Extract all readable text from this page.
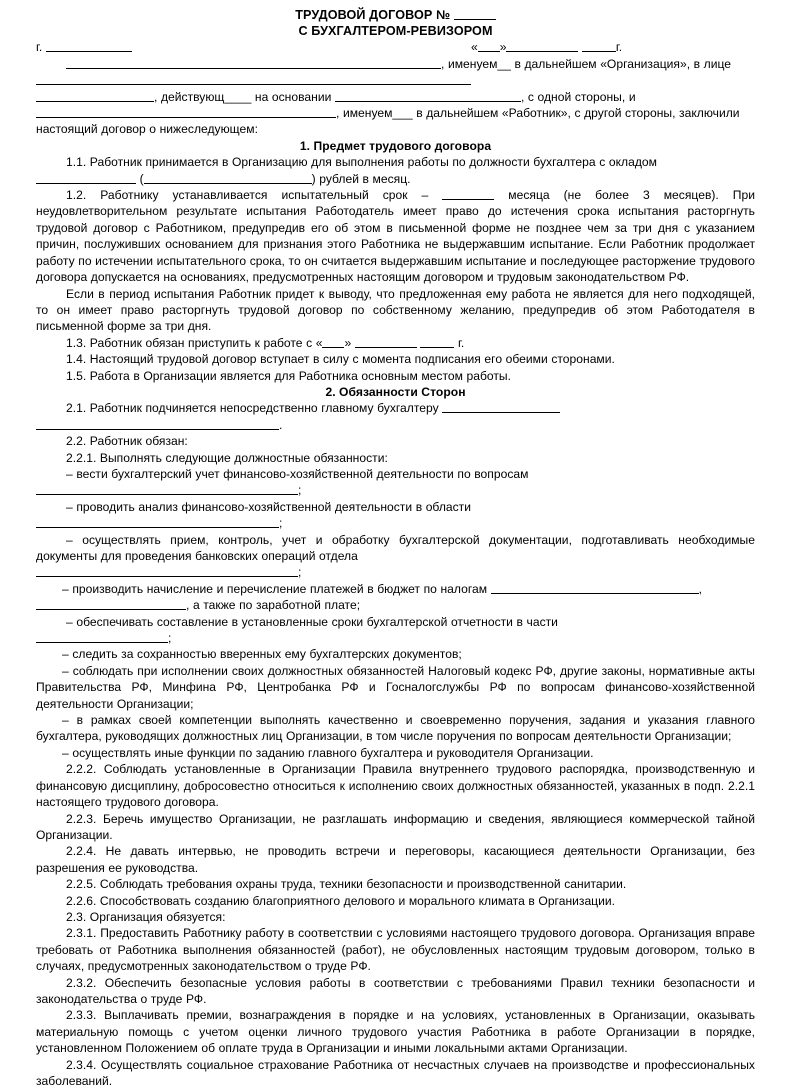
ТРУДОВОЙ ДОГОВОР №
С БУХГАЛТЕРОМ-РЕВИЗОРОМ
г.	« »	г.

, именуем__ в дальнейшем «Организация», в лице

, действующ____ на основании	, с одной стороны, и

, именуем___ в дальнейшем «Работник», с другой стороны, заключили

настоящий договор о нижеследующем:

1. Предмет трудового договора

1.1. Работник принимается в Организацию для выполнения работы по должности бухгалтера с окладом

(	) рублей в месяц.

1.2. Работнику устанавливается испытательный срок –	месяца (не более 3 месяцев). При неудовлетворительном результате испытания Работодатель имеет право до истечения срока испытания расторгнуть трудовой договор с Работником, предупредив его об этом в письменной форме не позднее чем за три дня с указанием причин, послуживших основанием для признания этого Работника не выдержавшим испытание. Если Работник продолжает работу по истечении испытательного срока, то он считается выдержавшим испытание и последующее расторжение трудового договора допускается на основаниях, предусмотренных настоящим договором и трудовым законодательством РФ.

Если в период испытания Работник придет к выводу, что предложенная ему работа не является для него подходящей, то он имеет право расторгнуть трудовой договор по собственному желанию, предупредив об этом Работодателя в письменной форме за три дня.

1.3. Работник обязан приступить к работе с « »	г.

1.4. Настоящий трудовой договор вступает в силу с момента подписания его обеими сторонами.

1.5. Работа в Организации является для Работника основным местом работы.

2. Обязанности Сторон

2.1. Работник подчиняется непосредственно главному бухгалтеру

.

2.2. Работник обязан:

2.2.1. Выполнять следующие должностные обязанности:

– вести бухгалтерский учет финансово-хозяйственной деятельности по вопросам

;

– проводить анализ финансово-хозяйственной деятельности в области

;

– осуществлять прием, контроль, учет и обработку бухгалтерской документации, подготавливать необходимые документы для проведения банковских операций отдела

;

– производить начисление и перечисление платежей в бюджет по налогам	,

, а также по заработной плате;

– обеспечивать составление в установленные сроки бухгалтерской отчетности в части

;

– следить за сохранностью вверенных ему бухгалтерских документов;

– соблюдать при исполнении своих должностных обязанностей Налоговый кодекс РФ, другие законы, нормативные акты Правительства РФ, Минфина РФ, Центробанка РФ и Госналогслужбы РФ по вопросам финансово-хозяйственной деятельности Организации;

– в рамках своей компетенции выполнять качественно и своевременно поручения, задания и указания главного бухгалтера, руководящих должностных лиц Организации, в том числе поручения по вопросам деятельности Организации;

– осуществлять иные функции по заданию главного бухгалтера и руководителя Организации.

2.2.2. Соблюдать установленные в Организации Правила внутреннего трудового распорядка, производственную и финансовую дисциплину, добросовестно относиться к исполнению своих должностных обязанностей, указанных в подп. 2.2.1 настоящего трудового договора.

2.2.3. Беречь имущество Организации, не разглашать информацию и сведения, являющиеся коммерческой тайной Организации.

2.2.4. Не давать интервью, не проводить встречи и переговоры, касающиеся деятельности Организации, без разрешения ее руководства.

2.2.5. Соблюдать требования охраны труда, техники безопасности и производственной санитарии.

2.2.6. Способствовать созданию благоприятного делового и морального климата в Организации.

2.3. Организация обязуется:

2.3.1. Предоставить Работнику работу в соответствии с условиями настоящего трудового договора. Организация вправе требовать от Работника выполнения обязанностей (работ), не обусловленных настоящим трудовым договором, только в случаях, предусмотренных законодательством о труде РФ.

2.3.2. Обеспечить безопасные условия работы в соответствии с требованиями Правил техники безопасности и законодательства о труде РФ.

2.3.3. Выплачивать премии, вознаграждения в порядке и на условиях, установленных в Организации, оказывать материальную помощь с учетом оценки личного трудового участия Работника в работе Организации в порядке, установленном Положением об оплате труда в Организации и иными локальными актами Организации.

2.3.4. Осуществлять социальное страхование Работника от несчастных случаев на производстве и профессиональных заболеваний.
